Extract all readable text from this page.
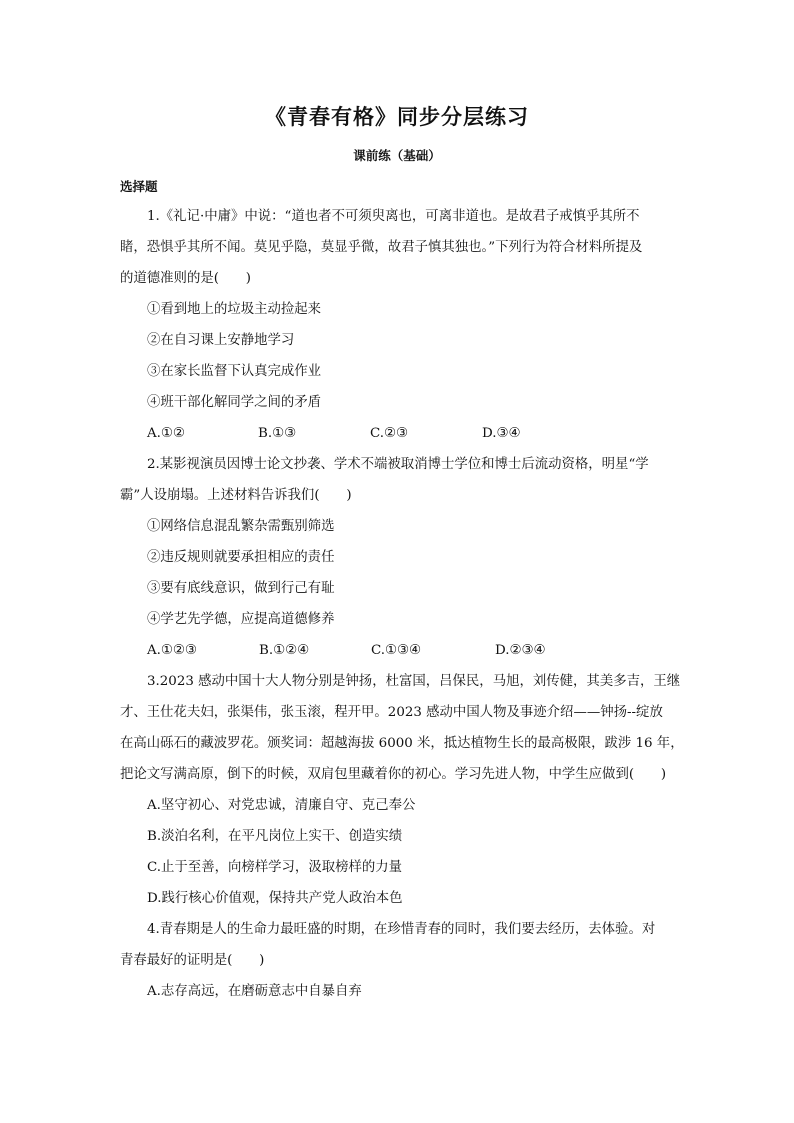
《青春有格》同步分层练习
课前练（基础）
选择题
1.《礼记·中庸》中说：“道也者不可须臾离也，可离非道也。是故君子戒慎乎其所不
睹，恐惧乎其所不闻。莫见乎隐，莫显乎微，故君子慎其独也。”下列行为符合材料所提及
的道德准则的是(　　)
①看到地上的垃圾主动捡起来
②在自习课上安静地学习
③在家长监督下认真完成作业
④班干部化解同学之间的矛盾
A.①②	B.①③	C.②③	D.③④
2.某影视演员因博士论文抄袭、学术不端被取消博士学位和博士后流动资格，明星“学
霸”人设崩塌。上述材料告诉我们(　　)
①网络信息混乱繁杂需甄别筛选
②违反规则就要承担相应的责任
③要有底线意识，做到行己有耻
④学艺先学德，应提高道德修养
A.①②③	B.①②④	C.①③④	D.②③④
3.2023 感动中国十大人物分别是钟扬，杜富国，吕保民，马旭，刘传健，其美多吉，王继
才、王仕花夫妇，张渠伟，张玉滚，程开甲。2023 感动中国人物及事迹介绍——钟扬--绽放
在高山砾石的藏波罗花。颁奖词：超越海拔 6000 米，抵达植物生长的最高极限，跋涉 16 年，
把论文写满高原，倒下的时候，双肩包里藏着你的初心。学习先进人物，中学生应做到(　　)
A.坚守初心、对党忠诚，清廉自守、克己奉公
B.淡泊名利，在平凡岗位上实干、创造实绩
C.止于至善，向榜样学习，汲取榜样的力量
D.践行核心价值观，保持共产党人政治本色
4.青春期是人的生命力最旺盛的时期，在珍惜青春的同时，我们要去经历，去体验。对
青春最好的证明是(　　)
A.志存高远，在磨砺意志中自暴自弃
